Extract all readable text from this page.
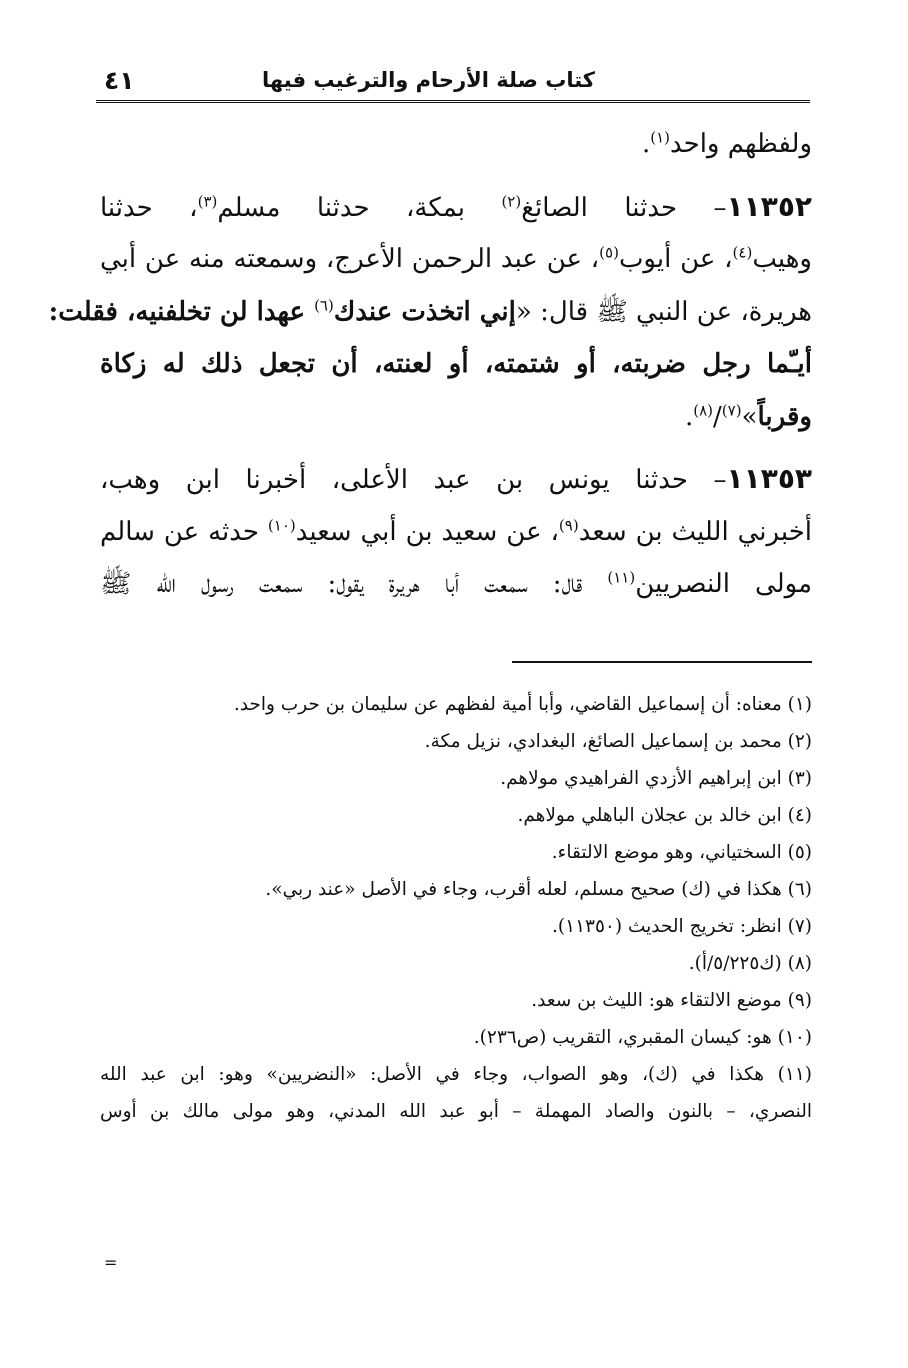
كتاب صلة الأرحام والترغيب فيها
٤١
ولفظهم واحد$^{(١)}$.
١١٣٥٢– حدثنا الصائغ$^{(٢)}$ بمكة، حدثنا مسلم$^{(٣)}$، حدثنا
وهيب$^{(٤)}$، عن أيوب$^{(٥)}$، عن عبد الرحمن الأعرج، وسمعته منه عن أبي
هريرة، عن النبي ﷺ قال: «إني اتخذت عندك$^{(٦)}$ عهدا لن تخلفنيه، فقلت:
أيـّما رجل ضربته، أو شتمته، أو لعنته، أن تجعل ذلك له زكاة
وقرباً»$^{(٧)}$/$^{(٨)}$.
١١٣٥٣– حدثنا يونس بن عبد الأعلى، أخبرنا ابن وهب،
أخبرني الليث بن سعد$^{(٩)}$، عن سعيد بن أبي سعيد$^{(١٠)}$ حدثه عن سالم
مولى النصريين$^{(١١)}$ قال: سمعت أبا هريرة يقول: سمعت رسول الله ﷺ
(١) معناه: أن إسماعيل القاضي، وأبا أمية لفظهم عن سليمان بن حرب واحد.
(٢) محمد بن إسماعيل الصائغ، البغدادي، نزيل مكة.
(٣) ابن إبراهيم الأزدي الفراهيدي مولاهم.
(٤) ابن خالد بن عجلان الباهلي مولاهم.
(٥) السختياني، وهو موضع الالتقاء.
(٦) هكذا في (ك) صحيح مسلم، لعله أقرب، وجاء في الأصل «عند ربي».
(٧) انظر: تخريج الحديث (١١٣٥٠).
(٨) (ك٥/٢٢٥/أ).
(٩) موضع الالتقاء هو: الليث بن سعد.
(١٠) هو: كيسان المقبري، التقريب (ص٢٣٦).
(١١) هكذا في (ك)، وهو الصواب، وجاء في الأصل: «النضريين» وهو: ابن عبد الله
النصري، – بالنون والصاد المهملة – أبو عبد الله المدني، وهو مولى مالك بن أوس
=
